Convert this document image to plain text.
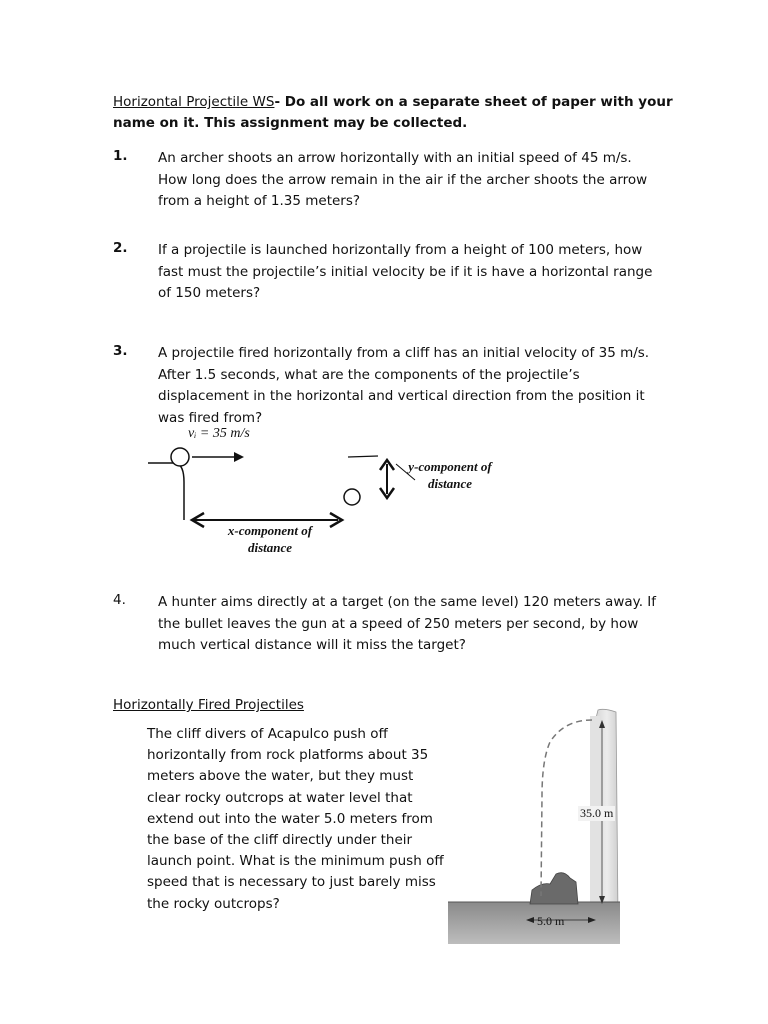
Horizontal Projectile WS- Do all work on a separate sheet of paper with your name on it. This assignment may be collected.
1. An archer shoots an arrow horizontally with an initial speed of 45 m/s. How long does the arrow remain in the air if the archer shoots the arrow from a height of 1.35 meters?
2. If a projectile is launched horizontally from a height of 100 meters, how fast must the projectile’s initial velocity be if it is have a horizontal range of 150 meters?
3. A projectile fired horizontally from a cliff has an initial velocity of 35 m/s. After 1.5 seconds, what are the components of the projectile’s displacement in the horizontal and vertical direction from the position it was fired from?
vᵢ = 35 m/s
y-component of
distance
x-component of
distance
4. A hunter aims directly at a target (on the same level) 120 meters away. If the bullet leaves the gun at a speed of 250 meters per second, by how much vertical distance will it miss the target?
Horizontally Fired Projectiles
The cliff divers of Acapulco push off horizontally from rock platforms about 35 meters above the water, but they must clear rocky outcrops at water level that extend out into the water 5.0 meters from the base of the cliff directly under their launch point. What is the minimum push off speed that is necessary to just barely miss the rocky outcrops?
35.0 m
5.0 m
